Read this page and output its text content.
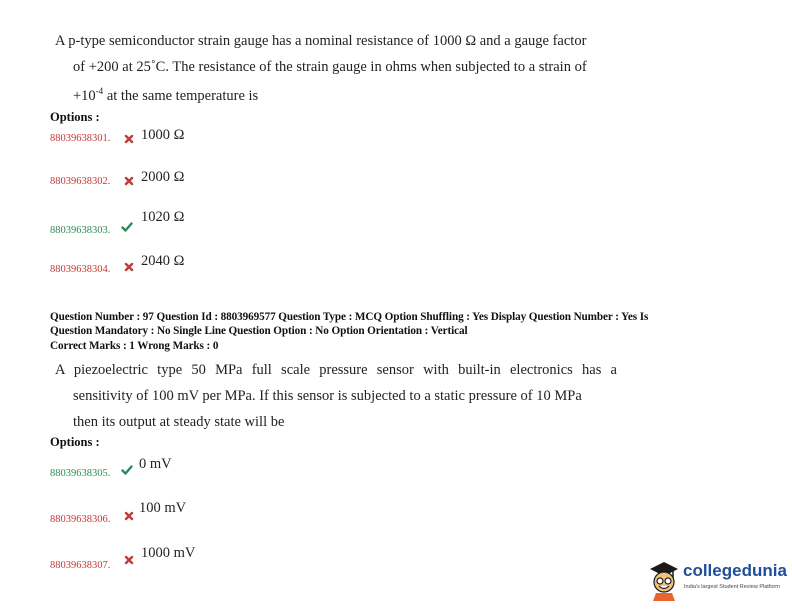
A p-type semiconductor strain gauge has a nominal resistance of 1000 Ω and a gauge factor
of +200 at 25˚C. The resistance of the strain gauge in ohms when subjected to a strain of
$+10^{-4}$ at the same temperature is
Options :
88039638301. 1000 Ω
88039638302. 2000 Ω
88039638303.
1020 Ω
88039638304.
2040 Ω
Question Number : 97 Question Id : 8803969577 Question Type : MCQ Option Shuffling : Yes Display Question Number : Yes Is
Question Mandatory : No Single Line Question Option : No Option Orientation : Vertical
Correct Marks : 1 Wrong Marks : 0
A piezoelectric type 50 MPa full scale pressure sensor with built-in electronics has a
sensitivity of 100 mV per MPa. If this sensor is subjected to a static pressure of 10 MPa
then its output at steady state will be
Options :
88039638305.
0 mV
88039638306.
100 mV
88039638307.
1000 mV
collegedunia
India's largest Student Review Platform
